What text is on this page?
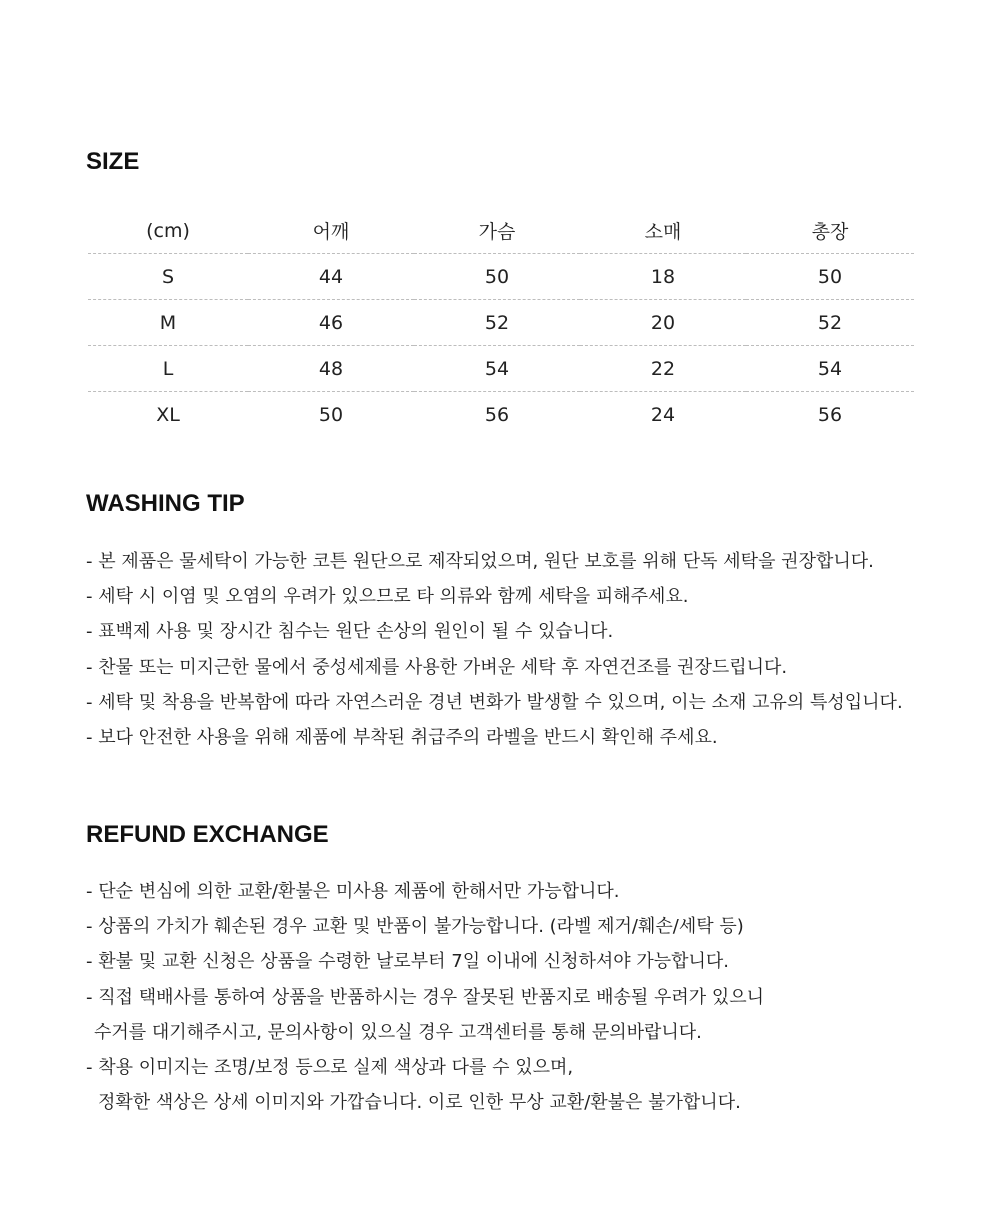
SIZE
(cm)	어깨	가슴	소매	총장
S	44	50	18	50
M	46	52	20	52
L	48	54	22	54
XL	50	56	24	56
WASHING TIP
- 본 제품은 물세탁이 가능한 코튼 원단으로 제작되었으며, 원단 보호를 위해 단독 세탁을 권장합니다.
- 세탁 시 이염 및 오염의 우려가 있으므로 타 의류와 함께 세탁을 피해주세요.
- 표백제 사용 및 장시간 침수는 원단 손상의 원인이 될 수 있습니다.
- 찬물 또는 미지근한 물에서 중성세제를 사용한 가벼운 세탁 후 자연건조를 권장드립니다.
- 세탁 및 착용을 반복함에 따라 자연스러운 경년 변화가 발생할 수 있으며, 이는 소재 고유의 특성입니다.
- 보다 안전한 사용을 위해 제품에 부착된 취급주의 라벨을 반드시 확인해 주세요.
REFUND EXCHANGE
- 단순 변심에 의한 교환/환불은 미사용 제품에 한해서만 가능합니다.
- 상품의 가치가 훼손된 경우 교환 및 반품이 불가능합니다. (라벨 제거/훼손/세탁 등)
- 환불 및 교환 신청은 상품을 수령한 날로부터 7일 이내에 신청하셔야 가능합니다.
- 직접 택배사를 통하여 상품을 반품하시는 경우 잘못된 반품지로 배송될 우려가 있으니
수거를 대기해주시고, 문의사항이 있으실 경우 고객센터를 통해 문의바랍니다.
- 착용 이미지는 조명/보정 등으로 실제 색상과 다를 수 있으며,
정확한 색상은 상세 이미지와 가깝습니다. 이로 인한 무상 교환/환불은 불가합니다.
